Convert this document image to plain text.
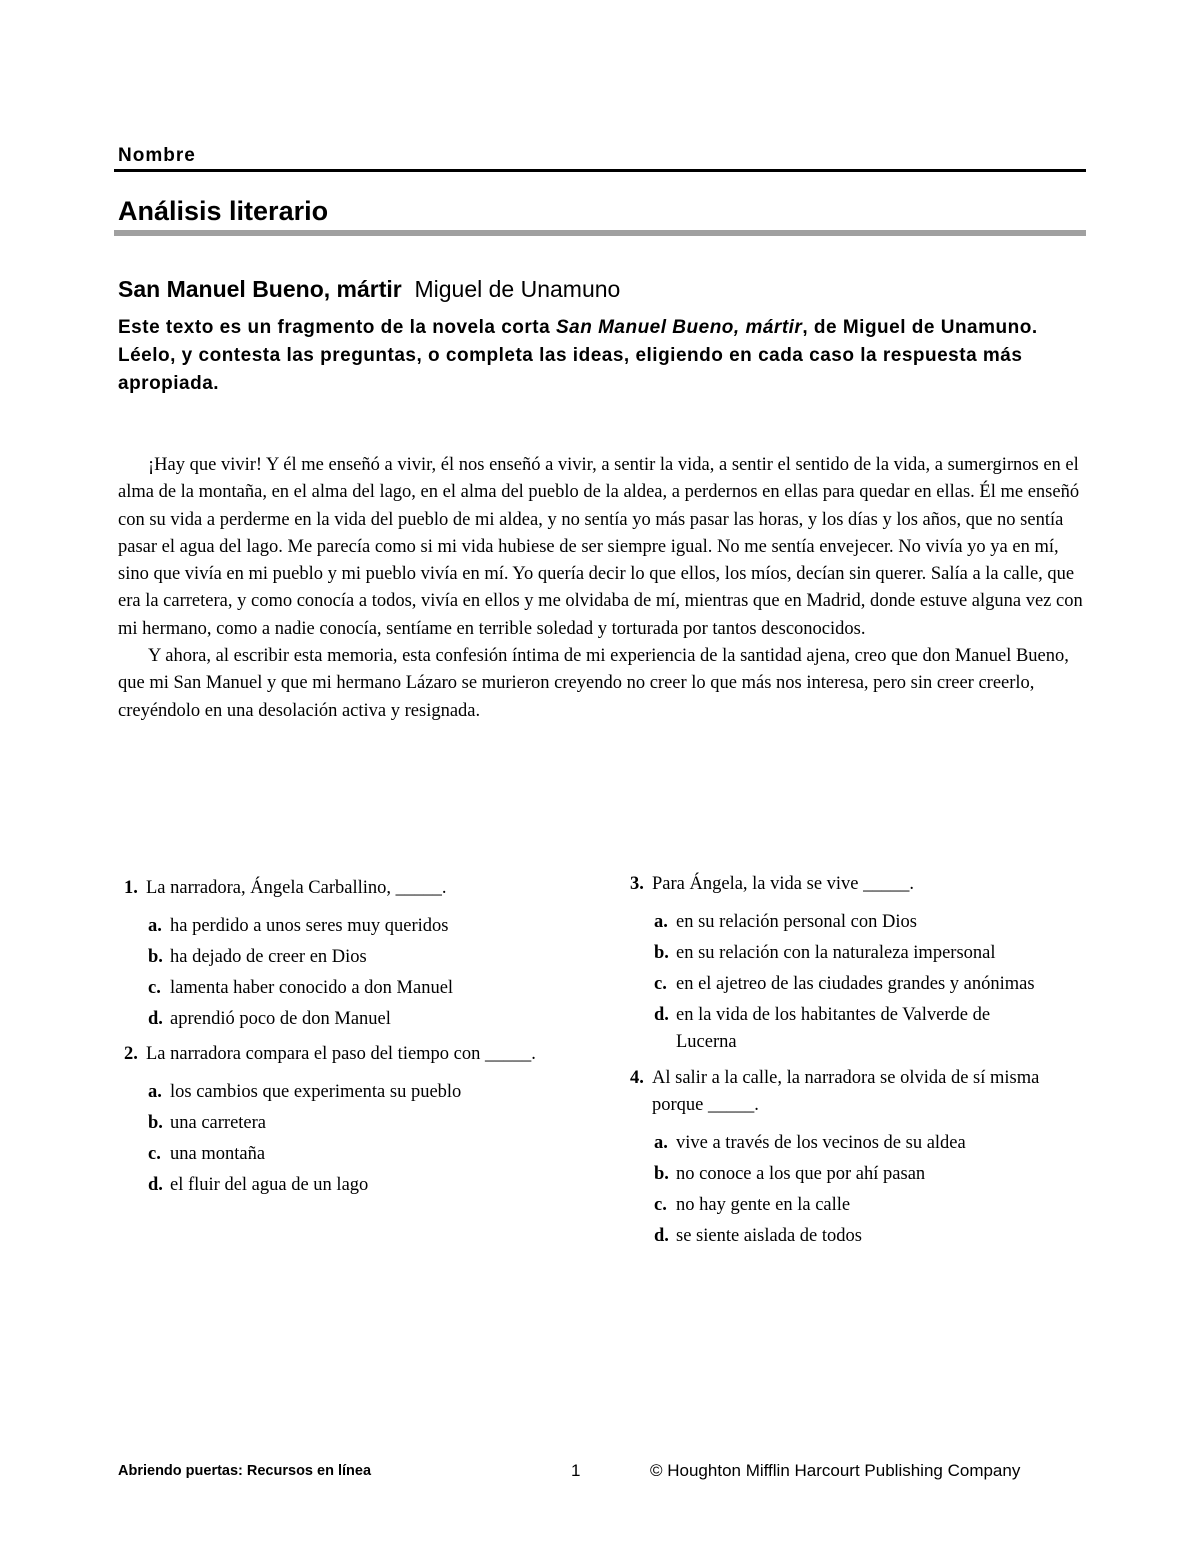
Nombre
Análisis literario
San Manuel Bueno, mártir Miguel de Unamuno
Este texto es un fragmento de la novela corta San Manuel Bueno, mártir, de Miguel de Unamuno. Léelo, y contesta las preguntas, o completa las ideas, eligiendo en cada caso la respuesta más apropiada.

¡Hay que vivir! Y él me enseñó a vivir, él nos enseñó a vivir, a sentir la vida, a sentir el sentido de la vida, a sumergirnos en el alma de la montaña, en el alma del lago, en el alma del pueblo de la aldea, a perdernos en ellas para quedar en ellas. Él me enseñó con su vida a perderme en la vida del pueblo de mi aldea, y no sentía yo más pasar las horas, y los días y los años, que no sentía pasar el agua del lago. Me parecía como si mi vida hubiese de ser siempre igual. No me sentía envejecer. No vivía yo ya en mí, sino que vivía en mi pueblo y mi pueblo vivía en mí. Yo quería decir lo que ellos, los míos, decían sin querer. Salía a la calle, que era la carretera, y como conocía a todos, vivía en ellos y me olvidaba de mí, mientras que en Madrid, donde estuve alguna vez con mi hermano, como a nadie conocía, sentíame en terrible soledad y torturada por tantos desconocidos.

Y ahora, al escribir esta memoria, esta confesión íntima de mi experiencia de la santidad ajena, creo que don Manuel Bueno, que mi San Manuel y que mi hermano Lázaro se murieron creyendo no creer lo que más nos interesa, pero sin creer creerlo, creyéndolo en una desolación activa y resignada.

1. La narradora, Ángela Carballino, _____.
a. ha perdido a unos seres muy queridos
b. ha dejado de creer en Dios
c. lamenta haber conocido a don Manuel
d. aprendió poco de don Manuel
2. La narradora compara el paso del tiempo con _____.
a. los cambios que experimenta su pueblo
b. una carretera
c. una montaña
d. el fluir del agua de un lago
3. Para Ángela, la vida se vive _____.
a. en su relación personal con Dios
b. en su relación con la naturaleza impersonal
c. en el ajetreo de las ciudades grandes y anónimas
d. en la vida de los habitantes de Valverde de Lucerna
4. Al salir a la calle, la narradora se olvida de sí misma porque _____.
a. vive a través de los vecinos de su aldea
b. no conoce a los que por ahí pasan
c. no hay gente en la calle
d. se siente aislada de todos
Abriendo puertas: Recursos en línea	1	© Houghton Mifflin Harcourt Publishing Company
